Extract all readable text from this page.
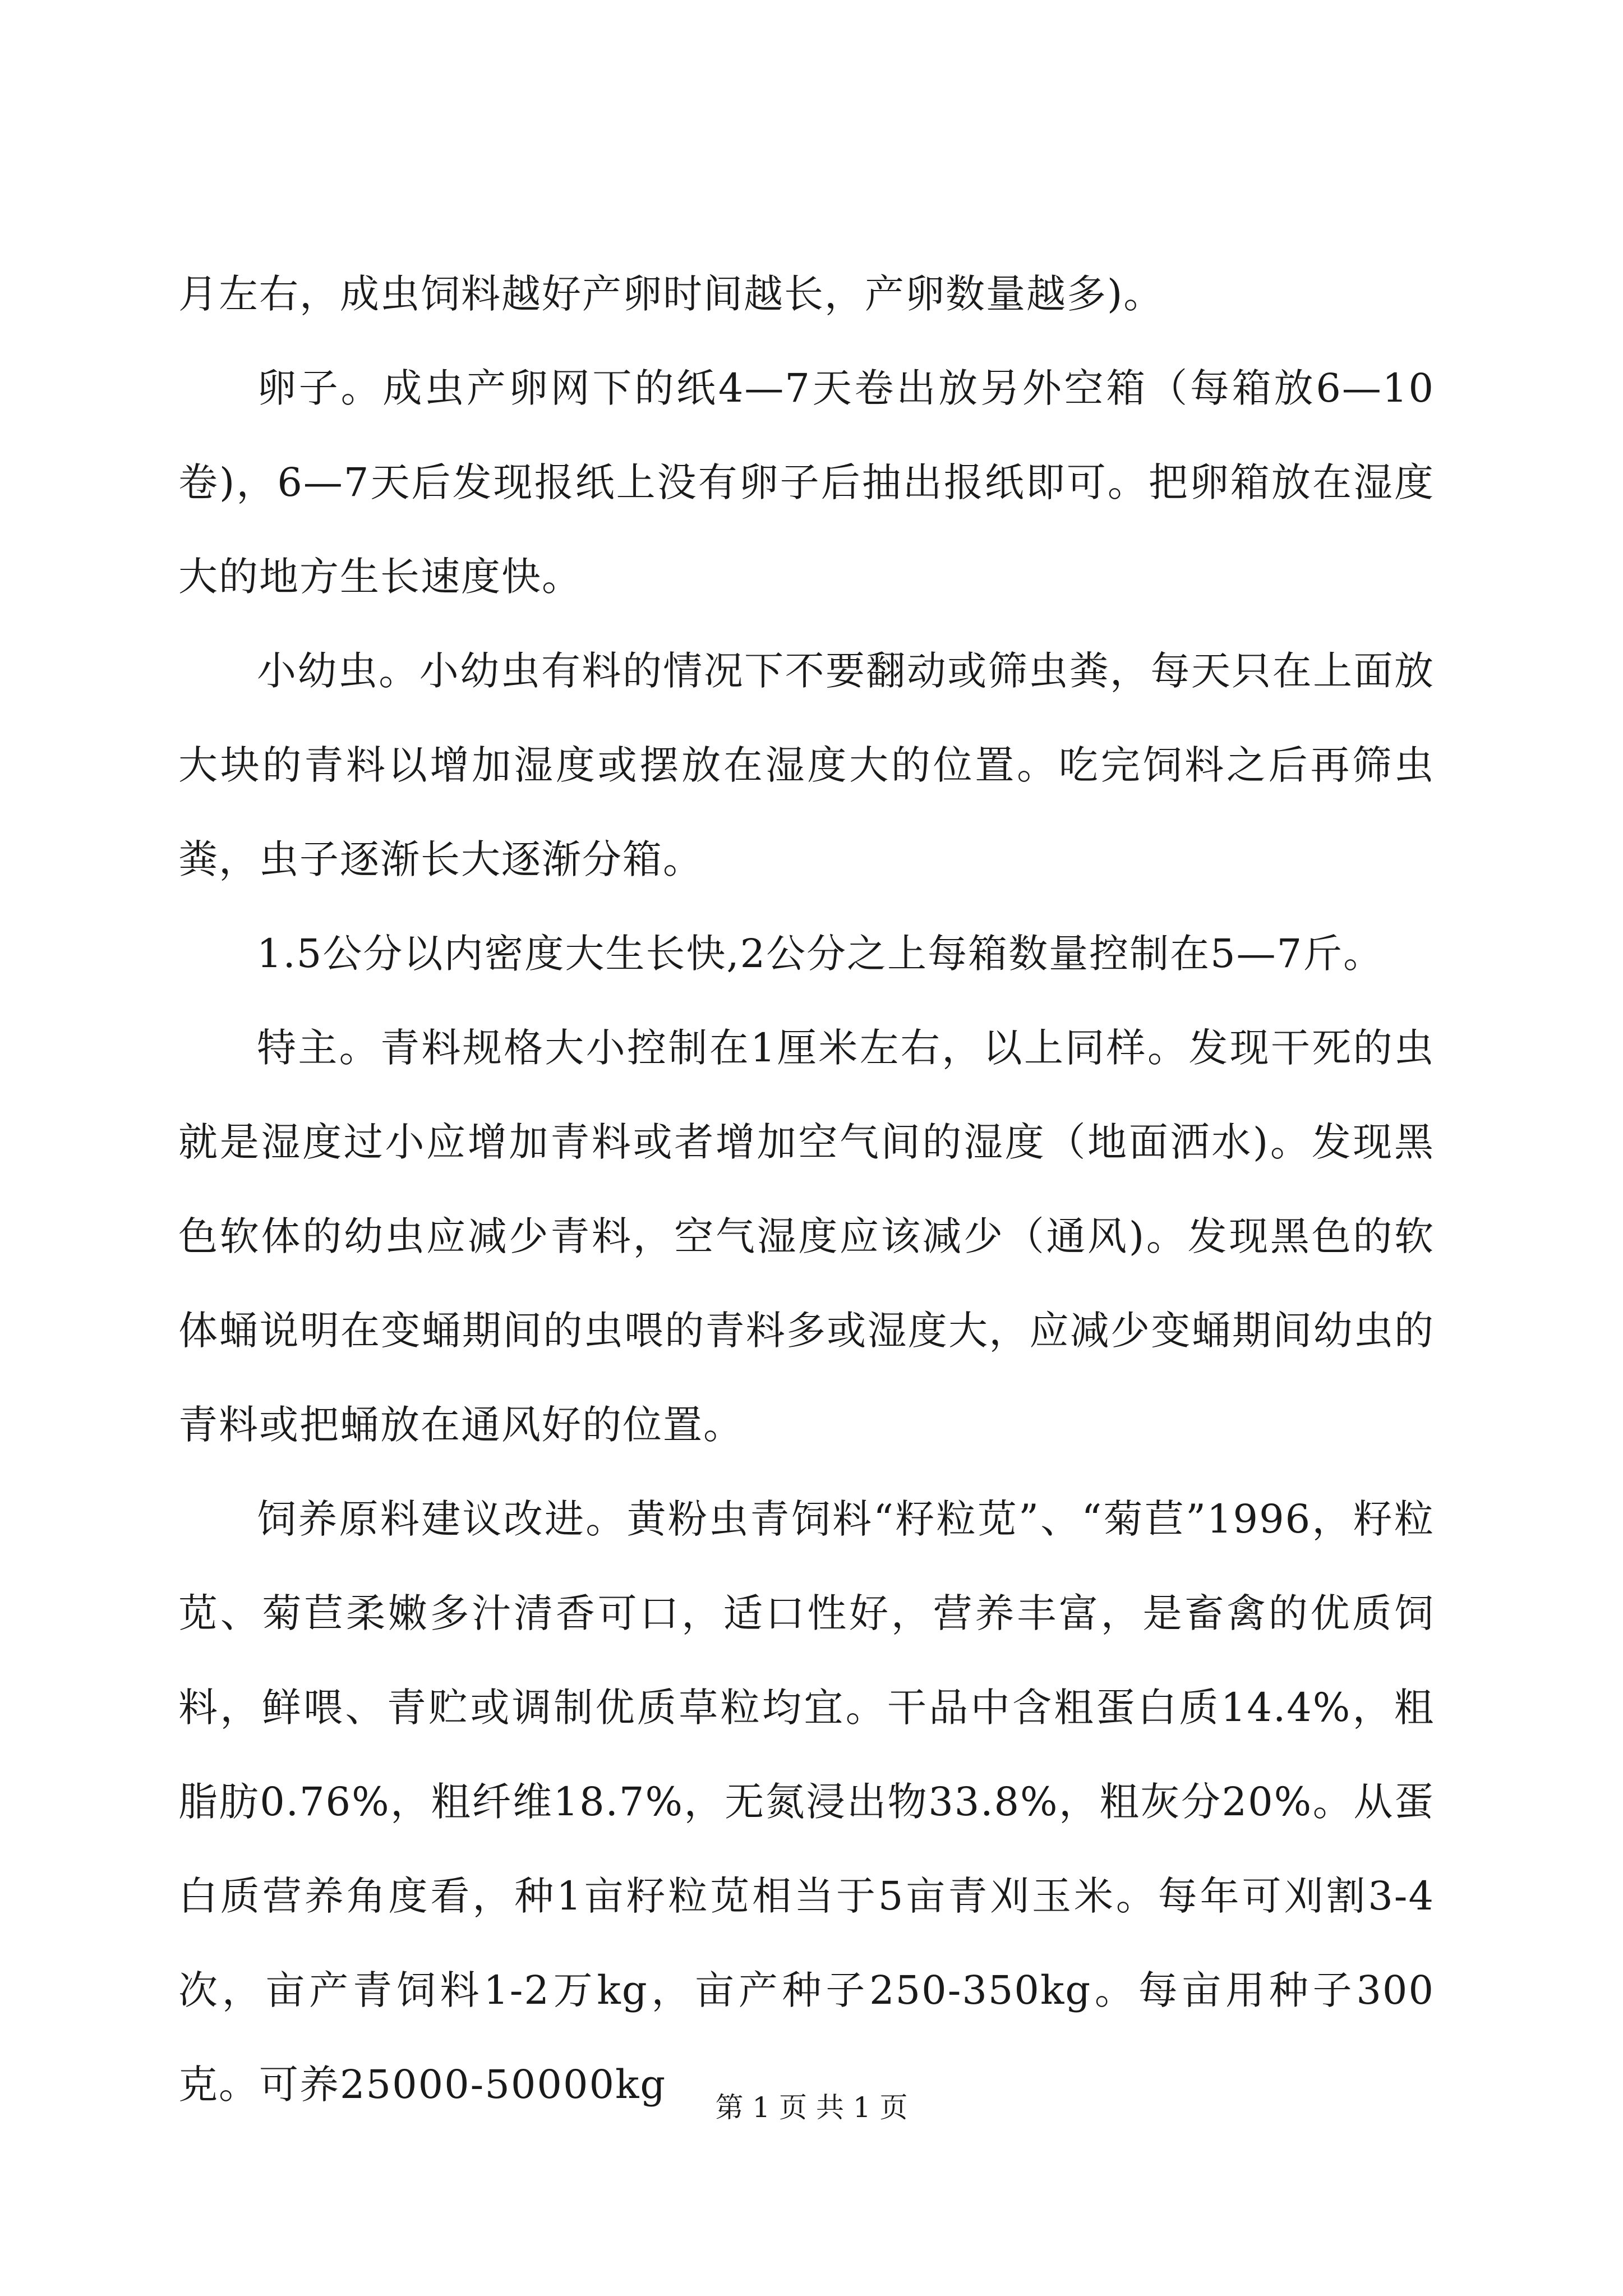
月左右，成虫饲料越好产卵时间越长，产卵数量越多)。

卵子。成虫产卵网下的纸4—7天卷出放另外空箱（每箱放6—10卷)，6—7天后发现报纸上没有卵子后抽出报纸即可。把卵箱放在湿度大的地方生长速度快。

小幼虫。小幼虫有料的情况下不要翻动或筛虫粪，每天只在上面放大块的青料以增加湿度或摆放在湿度大的位置。吃完饲料之后再筛虫粪，虫子逐渐长大逐渐分箱。

1.5公分以内密度大生长快,2公分之上每箱数量控制在5—7斤。

特主。青料规格大小控制在1厘米左右，以上同样。发现干死的虫就是湿度过小应增加青料或者增加空气间的湿度（地面洒水)。发现黑色软体的幼虫应减少青料，空气湿度应该减少（通风)。发现黑色的软体蛹说明在变蛹期间的虫喂的青料多或湿度大，应减少变蛹期间幼虫的青料或把蛹放在通风好的位置。

饲养原料建议改进。黄粉虫青饲料“籽粒苋”、“菊苣”1996，籽粒苋、菊苣柔嫩多汁清香可口，适口性好，营养丰富，是畜禽的优质饲料，鲜喂、青贮或调制优质草粒均宜。干品中含粗蛋白质14.4%，粗脂肪0.76%，粗纤维18.7%，无氮浸出物33.8%，粗灰分20%。从蛋白质营养角度看，种1亩籽粒苋相当于5亩青刈玉米。每年可刈割3-4次，亩产青饲料1-2万kg，亩产种子250-350kg。每亩用种子300克。可养25000-50000kg	第 1 页 共 1 页
